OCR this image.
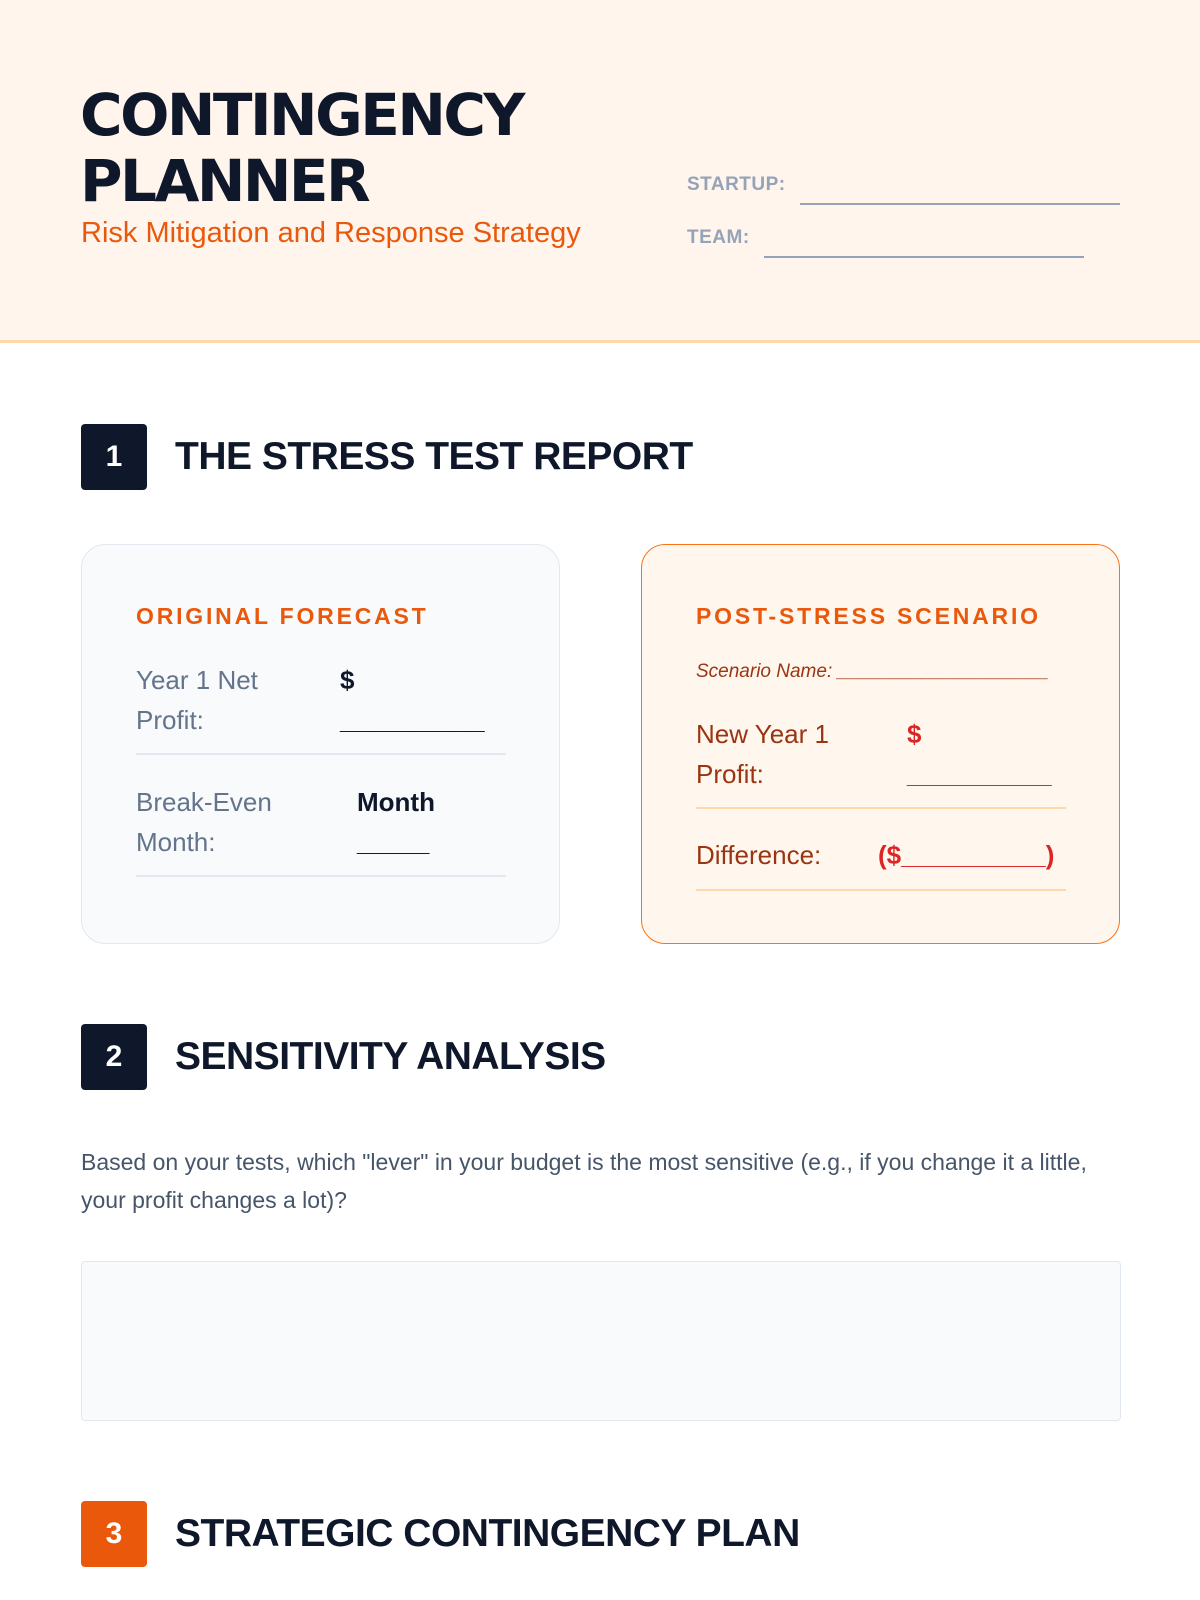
CONTINGENCY
PLANNER
Risk Mitigation and Response Strategy
STARTUP:
TEAM:
1	THE STRESS TEST REPORT
ORIGINAL FORECAST
Year 1 Net
Profit:
$
__________
Break-Even
Month:
Month
_____
POST-STRESS SCENARIO
Scenario Name: ____________________
New Year 1
Profit:
$
__________
Difference: ($__________)
2	SENSITIVITY ANALYSIS
Based on your tests, which "lever" in your budget is the most sensitive (e.g., if you change it a little, your profit changes a lot)?
3	STRATEGIC CONTINGENCY PLAN
